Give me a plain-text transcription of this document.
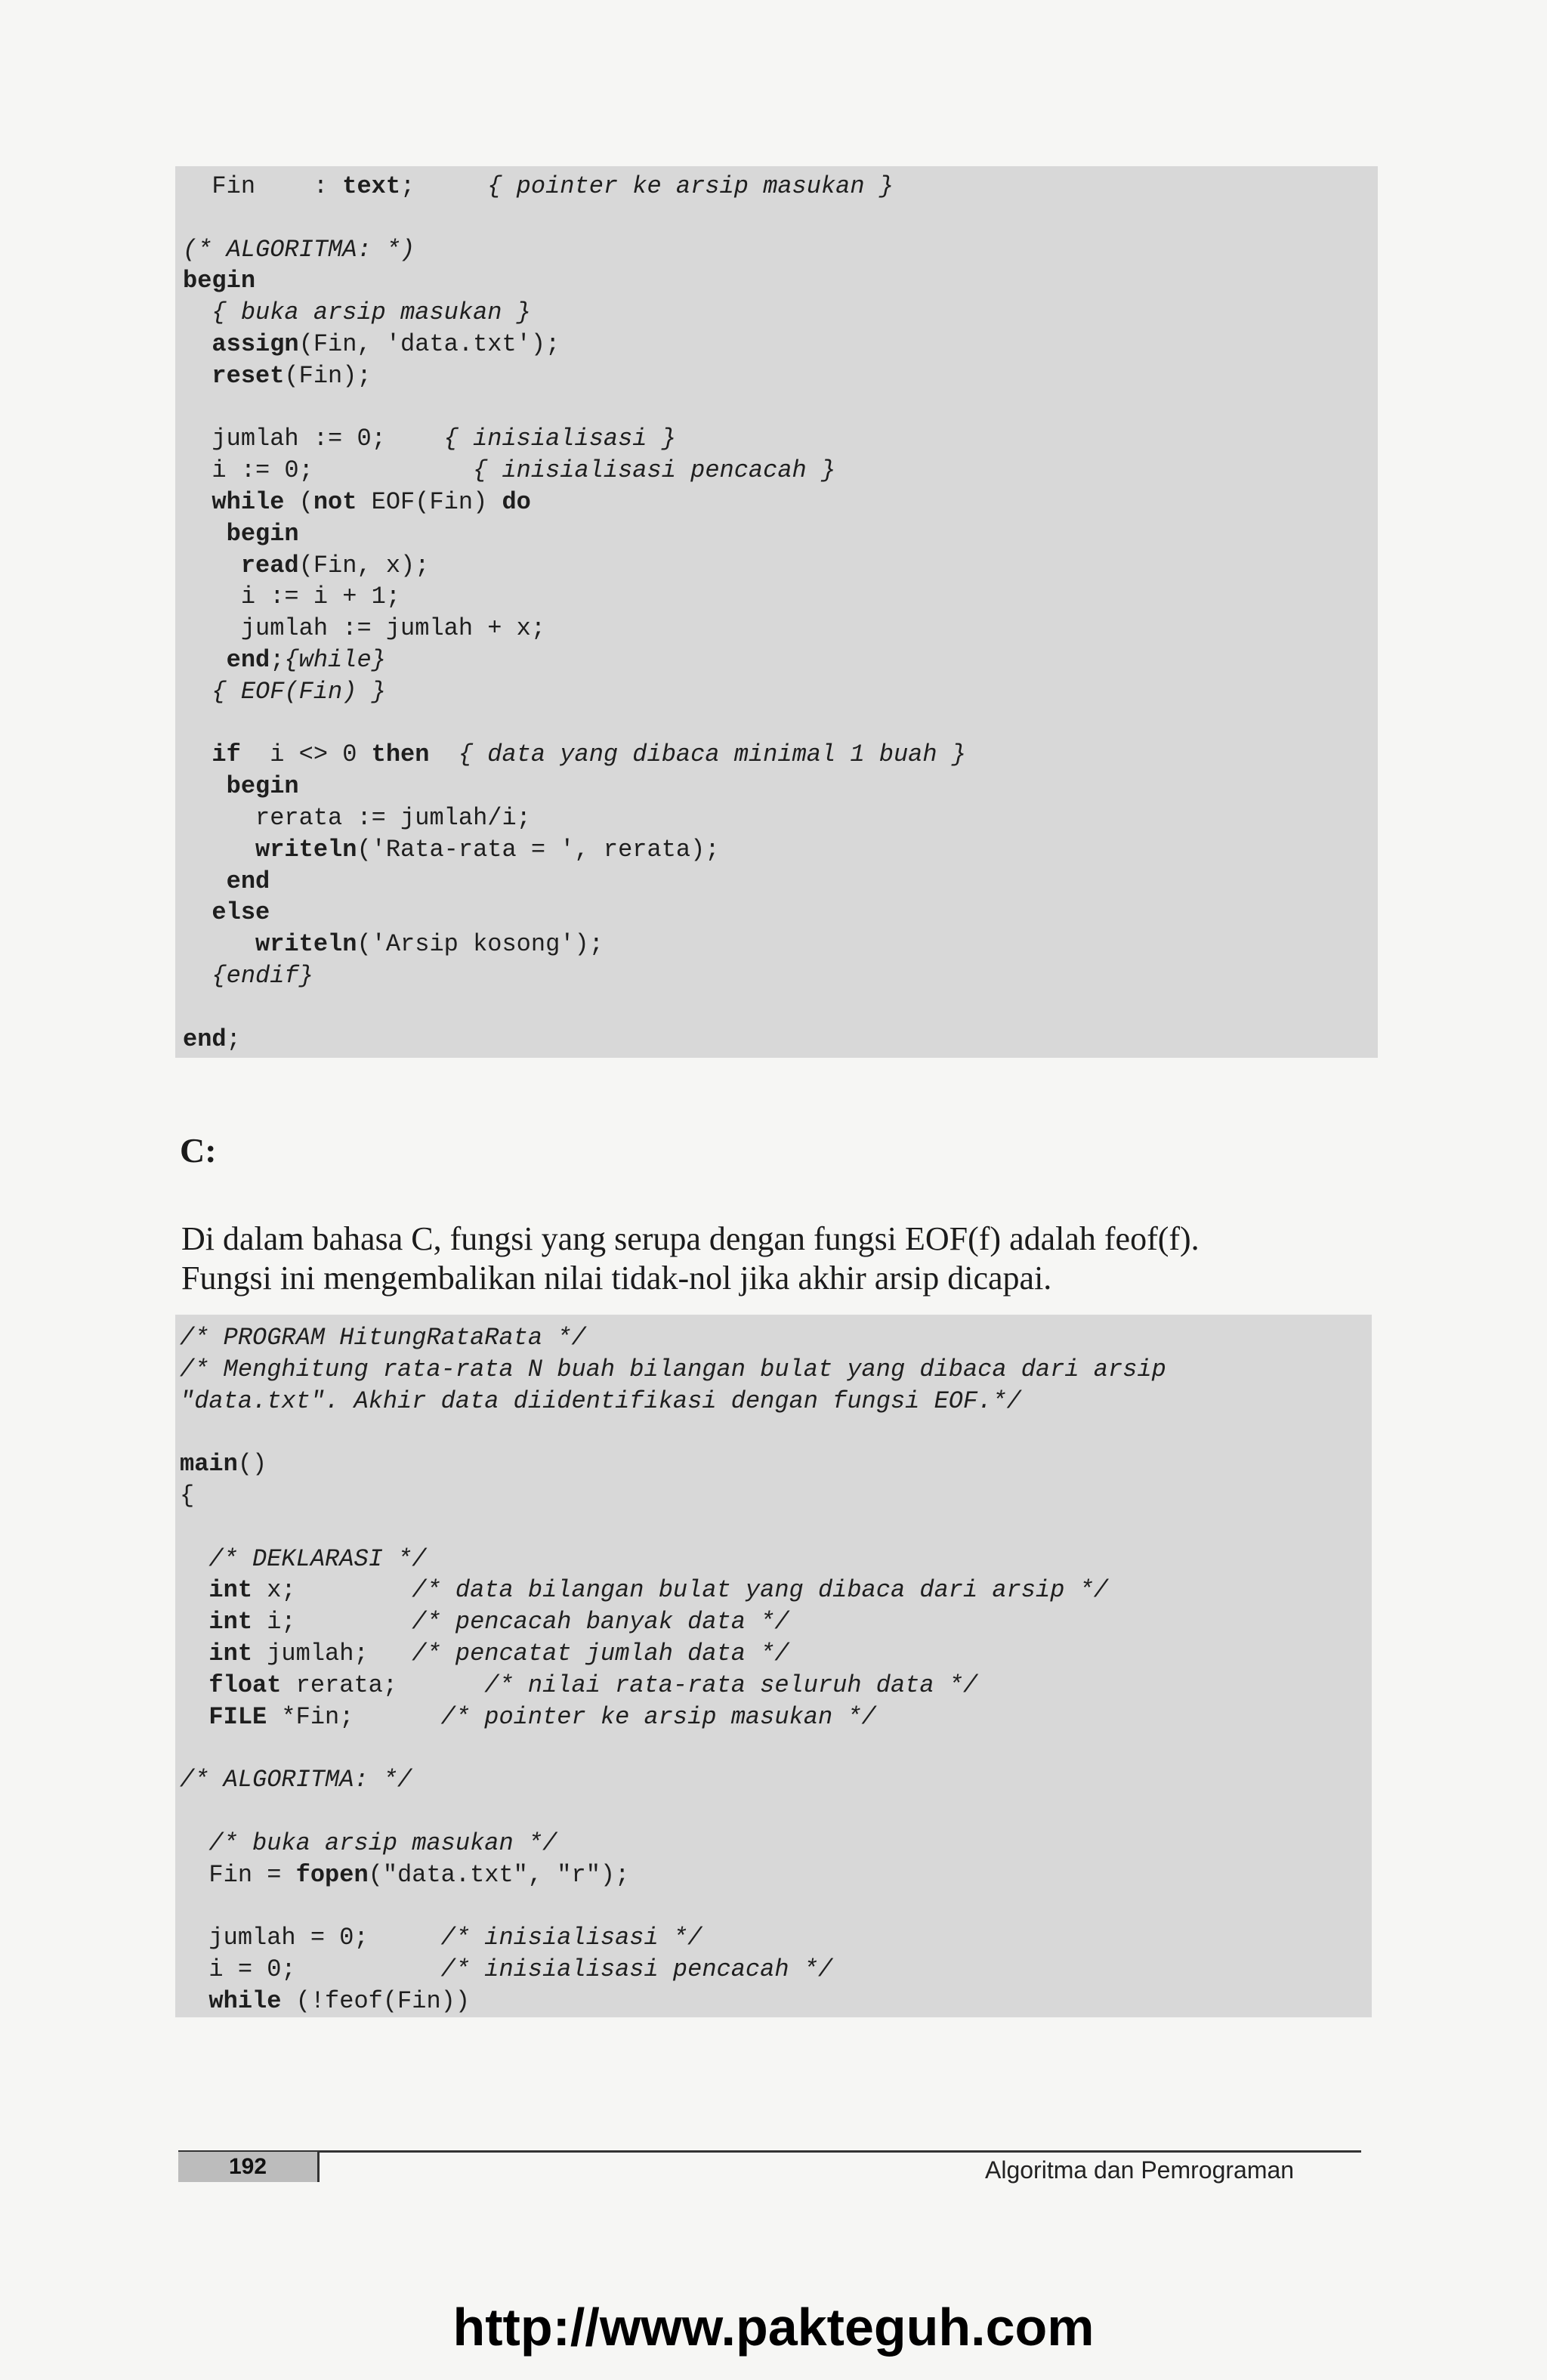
Fin    : text;     { pointer ke arsip masukan }
(* ALGORITMA: *)
begin
{ buka arsip masukan }
assign(Fin, 'data.txt');
reset(Fin);
jumlah := 0;    { inisialisasi }
i := 0;           { inisialisasi pencacah }
while (not EOF(Fin) do
begin
read(Fin, x);
i := i + 1;
jumlah := jumlah + x;
end;{while}
{ EOF(Fin) }
if  i <> 0 then { data yang dibaca minimal 1 buah }
begin
rerata := jumlah/i;
writeln('Rata-rata = ', rerata);
end
else
writeln('Arsip kosong');
{endif}
end;
C:
Di dalam bahasa C, fungsi yang serupa dengan fungsi EOF(f) adalah feof(f).
Fungsi ini mengembalikan nilai tidak-nol jika akhir arsip dicapai.
/* PROGRAM HitungRataRata */
/* Menghitung rata-rata N buah bilangan bulat yang dibaca dari arsip
"data.txt". Akhir data diidentifikasi dengan fungsi EOF.*/
main()
{
/* DEKLARASI */
int x;        /* data bilangan bulat yang dibaca dari arsip */
int i;        /* pencacah banyak data */
int jumlah;   /* pencatat jumlah data */
float rerata;      /* nilai rata-rata seluruh data */
FILE *Fin;      /* pointer ke arsip masukan */
/* ALGORITMA: */
/* buka arsip masukan */
Fin = fopen("data.txt", "r");
jumlah = 0;     /* inisialisasi */
i = 0;          /* inisialisasi pencacah */
while (!feof(Fin))
192	Algoritma dan Pemrograman
http://www.pakteguh.com
